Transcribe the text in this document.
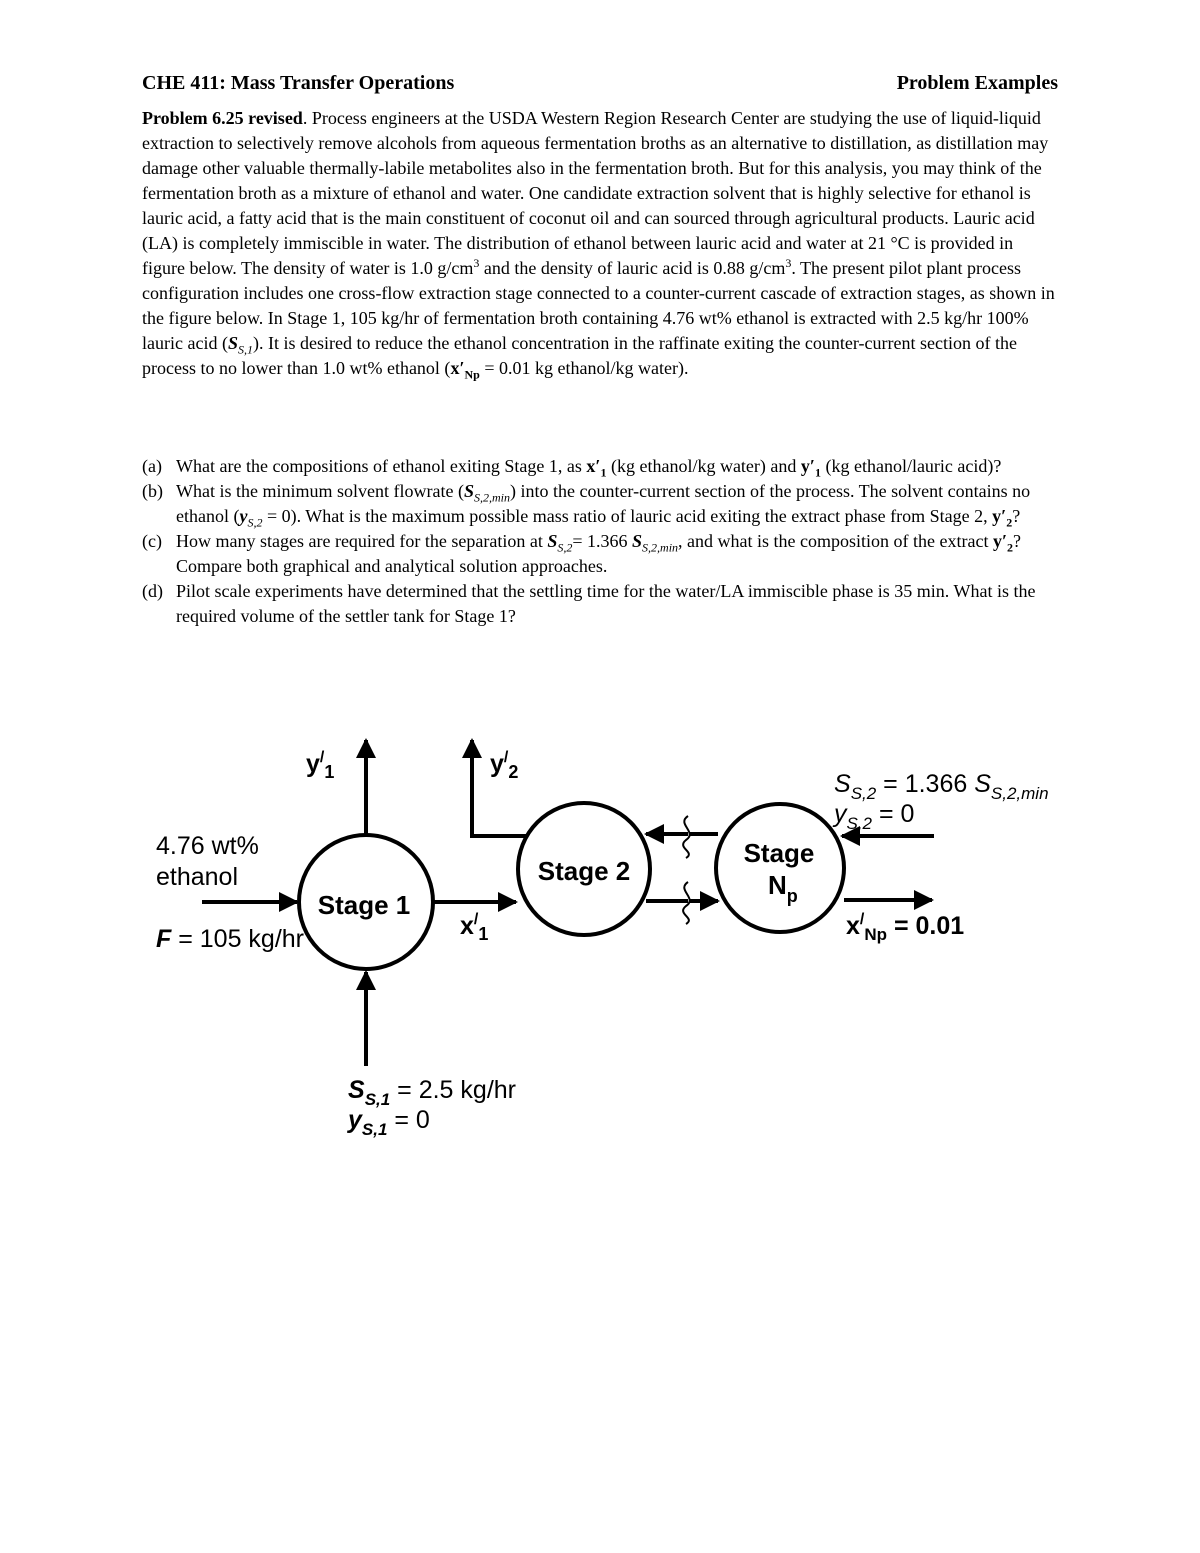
CHE 411: Mass Transfer Operations	Problem Examples

Problem 6.25 revised. Process engineers at the USDA Western Region Research Center are studying the use of liquid-liquid extraction to selectively remove alcohols from aqueous fermentation broths as an alternative to distillation, as distillation may damage other valuable thermally-labile metabolites also in the fermentation broth. But for this analysis, you may think of the fermentation broth as a mixture of ethanol and water. One candidate extraction solvent that is highly selective for ethanol is lauric acid, a fatty acid that is the main constituent of coconut oil and can sourced through agricultural products. Lauric acid (LA) is completely immiscible in water. The distribution of ethanol between lauric acid and water at 21 °C is provided in figure below. The density of water is 1.0 $g/cm^3$ and the density of lauric acid is 0.88 $g/cm^3$. The present pilot plant process configuration includes one cross-flow extraction stage connected to a counter-current cascade of extraction stages, as shown in the figure below. In Stage 1, 105 kg/hr of fermentation broth containing 4.76 wt% ethanol is extracted with 2.5 kg/hr 100% lauric acid $(S_{S,1})$. It is desired to reduce the ethanol concentration in the raffinate exiting the counter-current section of the process to no lower than 1.0 wt% ethanol ($x'_{Np} = 0.01$ kg ethanol/kg water).

(a) What are the compositions of ethanol exiting Stage 1, as $x'_1$ (kg ethanol/kg water) and $y'_1$ (kg ethanol/lauric acid)?
(b) What is the minimum solvent flowrate $(S_{S,2,min})$ into the counter-current section of the process. The solvent contains no ethanol $(y_{S,2} = 0)$. What is the maximum possible mass ratio of lauric acid exiting the extract phase from Stage 2, $y'_2$?
(c) How many stages are required for the separation at $S_{S,2}= 1.366$ $S_{S,2,min}$, and what is the composition of the extract $y'_2$? Compare both graphical and analytical solution approaches.
(d) Pilot scale experiments have determined that the settling time for the water/LA immiscible phase is 35 min. What is the required volume of the settler tank for Stage 1?
Stage 1
Stage 2
Stage
$N_p$
4.76 wt%
ethanol
F = 105 kg/hr
$y^/_1$	$y^/_2$
$x^/_1$
$S_{S,1} = 2.5$ kg/hr
$y_{S,1} = 0$
$S_{S,2} = 1.366$ $S_{S,2,min}$
$y_{S,2} = 0$
$x^/_{Np} = 0.01$
